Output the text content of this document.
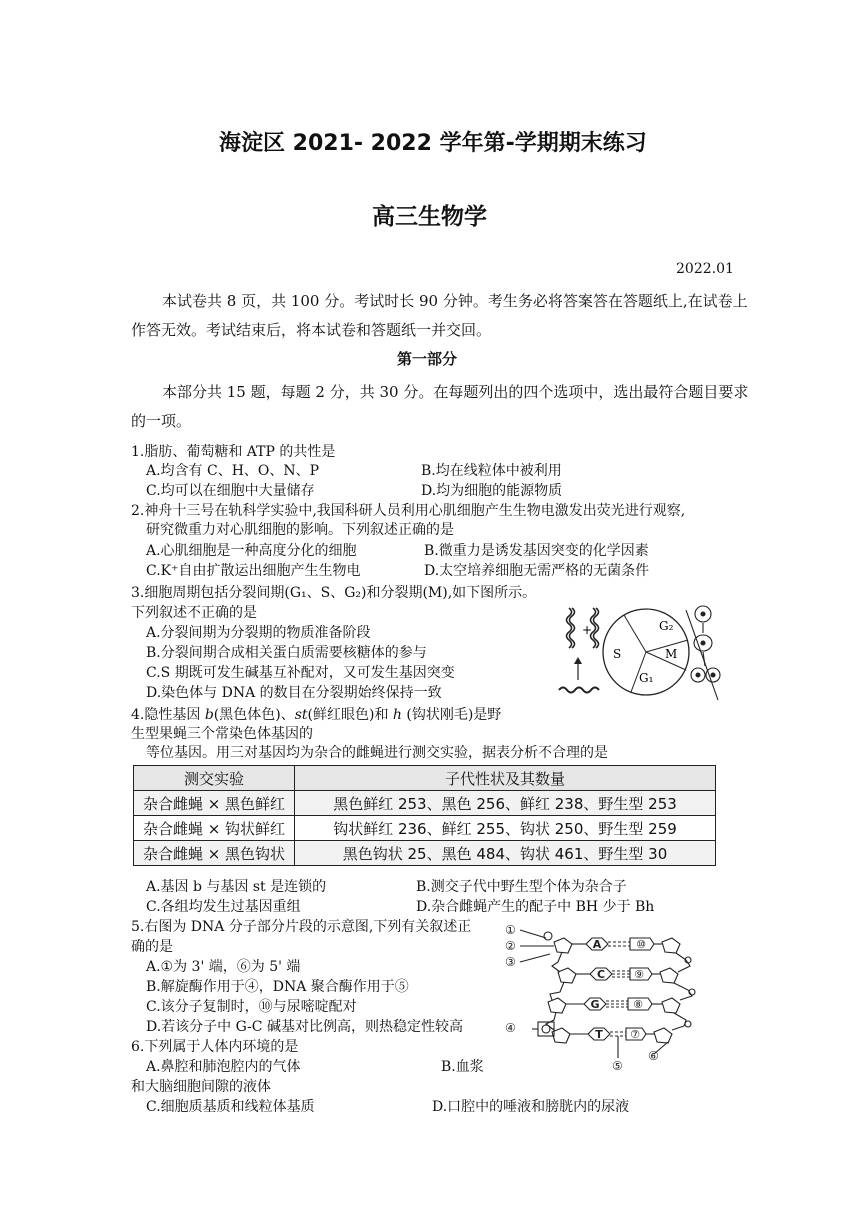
海淀区 2021- 2022 学年第-学期期末练习
高三生物学
2022.01
本试卷共 8 页，共 100 分。考试时长 90 分钟。考生务必将答案答在答题纸上,在试卷上
作答无效。考试结束后，将本试卷和答题纸一并交回。
第一部分
本部分共 15 题，每题 2 分，共 30 分。在每题列出的四个选项中，选出最符合题目要求
的一项。
1.脂肪、葡萄糖和 ATP 的共性是
A.均含有 C、H、O、N、P	B.均在线粒体中被利用
C.均可以在细胞中大量储存	D.均为细胞的能源物质
2.神舟十三号在轨科学实验中,我国科研人员利用心肌细胞产生生物电激发出荧光进行观察,
研究微重力对心肌细胞的影响。下列叙述正确的是
A.心肌细胞是一种高度分化的细胞	B.微重力是诱发基因突变的化学因素
C.K⁺自由扩散运出细胞产生生物电	D.太空培养细胞无需严格的无菌条件
3.细胞周期包括分裂间期(G₁、S、G₂)和分裂期(M),如下图所示。
下列叙述不正确的是
A.分裂间期为分裂期的物质准备阶段
B.分裂间期合成相关蛋白质需要核糖体的参与
C.S 期既可发生碱基互补配对，又可发生基因突变
D.染色体与 DNA 的数目在分裂期始终保持一致
+	G₂
S	M
G₁
4.隐性基因 b(黑色体色)、st(鲜红眼色)和 h (钩状刚毛)是野
生型果蝇三个常染色体基因的
等位基因。用三对基因均为杂合的雌蝇进行测交实验，据表分析不合理的是
测交实验	子代性状及其数量
杂合雌蝇 × 黑色鲜红	黑色鲜红 253、黑色 256、鲜红 238、野生型 253
杂合雌蝇 × 钩状鲜红	钩状鲜红 236、鲜红 255、钩状 250、野生型 259
杂合雌蝇 × 黑色钩状	黑色钩状 25、黑色 484、钩状 461、野生型 30
A.基因 b 与基因 st 是连锁的	B.测交子代中野生型个体为杂合子
C.各组均发生过基因重组	D.杂合雌蝇产生的配子中 BH 少于 Bh
5.右图为 DNA 分子部分片段的示意图,下列有关叙述正
确的是
A.①为 3' 端，⑥为 5' 端
B.解旋酶作用于④，DNA 聚合酶作用于⑤
C.该分子复制时，⑩与尿嘧啶配对
D.若该分子中 G-C 碱基对比例高，则热稳定性较高
①
②
③
④
⑤
⑥
A
C
G
T
⑩
⑨
⑧
⑦
6.下列属于人体内环境的是
A.鼻腔和肺泡腔内的气体	B.血浆
和大脑细胞间隙的液体
C.细胞质基质和线粒体基质	D.口腔中的唾液和膀胱内的尿液
